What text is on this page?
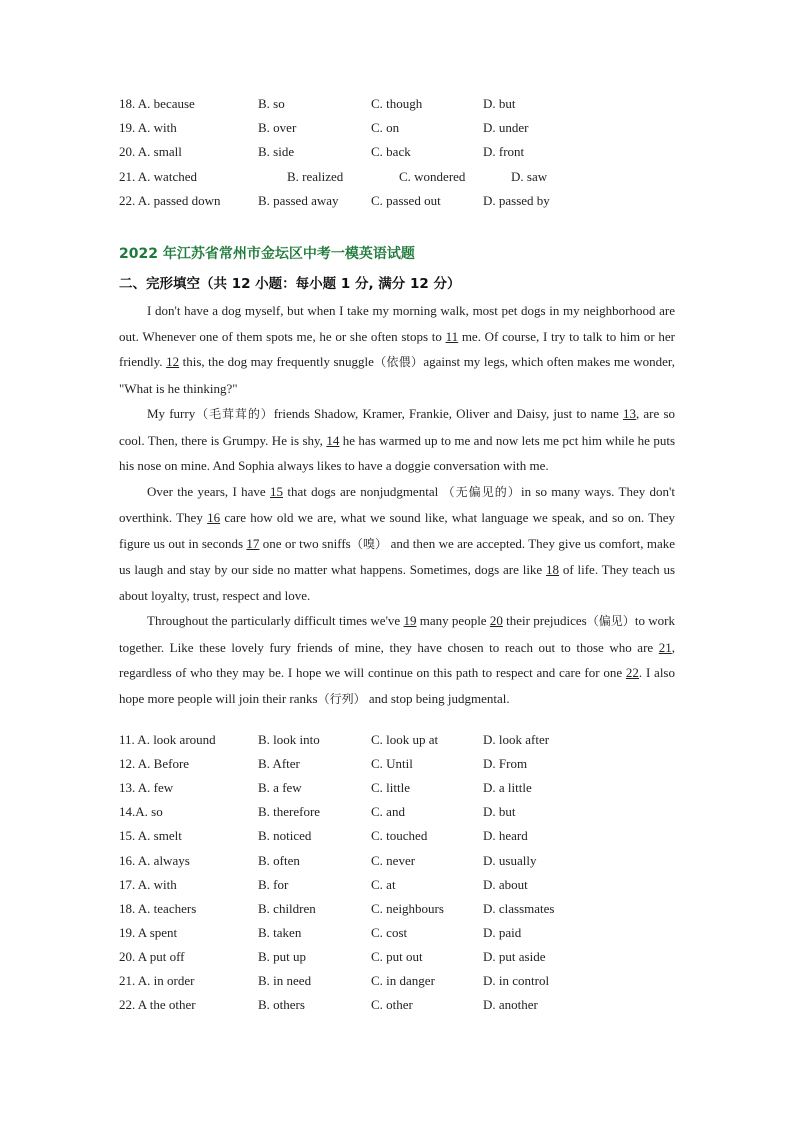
18. A. because	B. so	C. though	D. but
19. A. with	B. over	C. on	D. under
20. A. small	B. side	C. back	D. front
21. A. watched	B. realized	C. wondered	D. saw
22. A. passed down	B. passed away C. passed out	D. passed by
2022 年江苏省常州市金坛区中考一模英语试题
二、完形填空（共 12 小题：每小题 1 分, 满分 12 分）

I don't have a dog myself, but when I take my morning walk, most pet dogs in my neighborhood are out. Whenever one of them spots me, he or she often stops to 11 me. Of course, I try to talk to him or her friendly. 12 this, the dog may frequently snuggle（依偎）against my legs, which often makes me wonder, "What is he thinking?"

My furry（毛茸茸的）friends Shadow, Kramer, Frankie, Oliver and Daisy, just to name 13, are so cool. Then, there is Grumpy. He is shy, 14 he has warmed up to me and now lets me pct him while he puts his nose on mine. And Sophia always likes to have a doggie conversation with me.

Over the years, I have 15 that dogs are nonjudgmental （无偏见的）in so many ways. They don't overthink. They 16 care how old we are, what we sound like, what language we speak, and so on. They figure us out in seconds 17 one or two sniffs（嗅） and then we are accepted. They give us comfort, make us laugh and stay by our side no matter what happens. Sometimes, dogs are like 18 of life. They teach us about loyalty, trust, respect and love.

Throughout the particularly difficult times we've 19 many people 20 their prejudices（偏见）to work together. Like these lovely fury friends of mine, they have chosen to reach out to those who are 21, regardless of who they may be. I hope we will continue on this path to respect and care for one 22. I also hope more people will join their ranks（行列） and stop being judgmental.

11. A. look around	B. look into	C. look up at	D. look after
12. A. Before	B. After	C. Until	D. From
13. A. few	B. a few	C. little	D. a little
14.A. so	B. therefore	C. and	D. but
15. A. smelt	B. noticed	C. touched	D. heard
16. A. always	B. often	C. never	D. usually
17. A. with	B. for	C. at	D. about
18. A. teachers	B. children	C. neighbours	D. classmates
19. A spent	B. taken	C. cost	D. paid
20. A put off	B. put up	C. put out	D. put aside
21. A. in order	B. in need	C. in danger	D. in control
22. A the other	B. others	C. other	D. another
